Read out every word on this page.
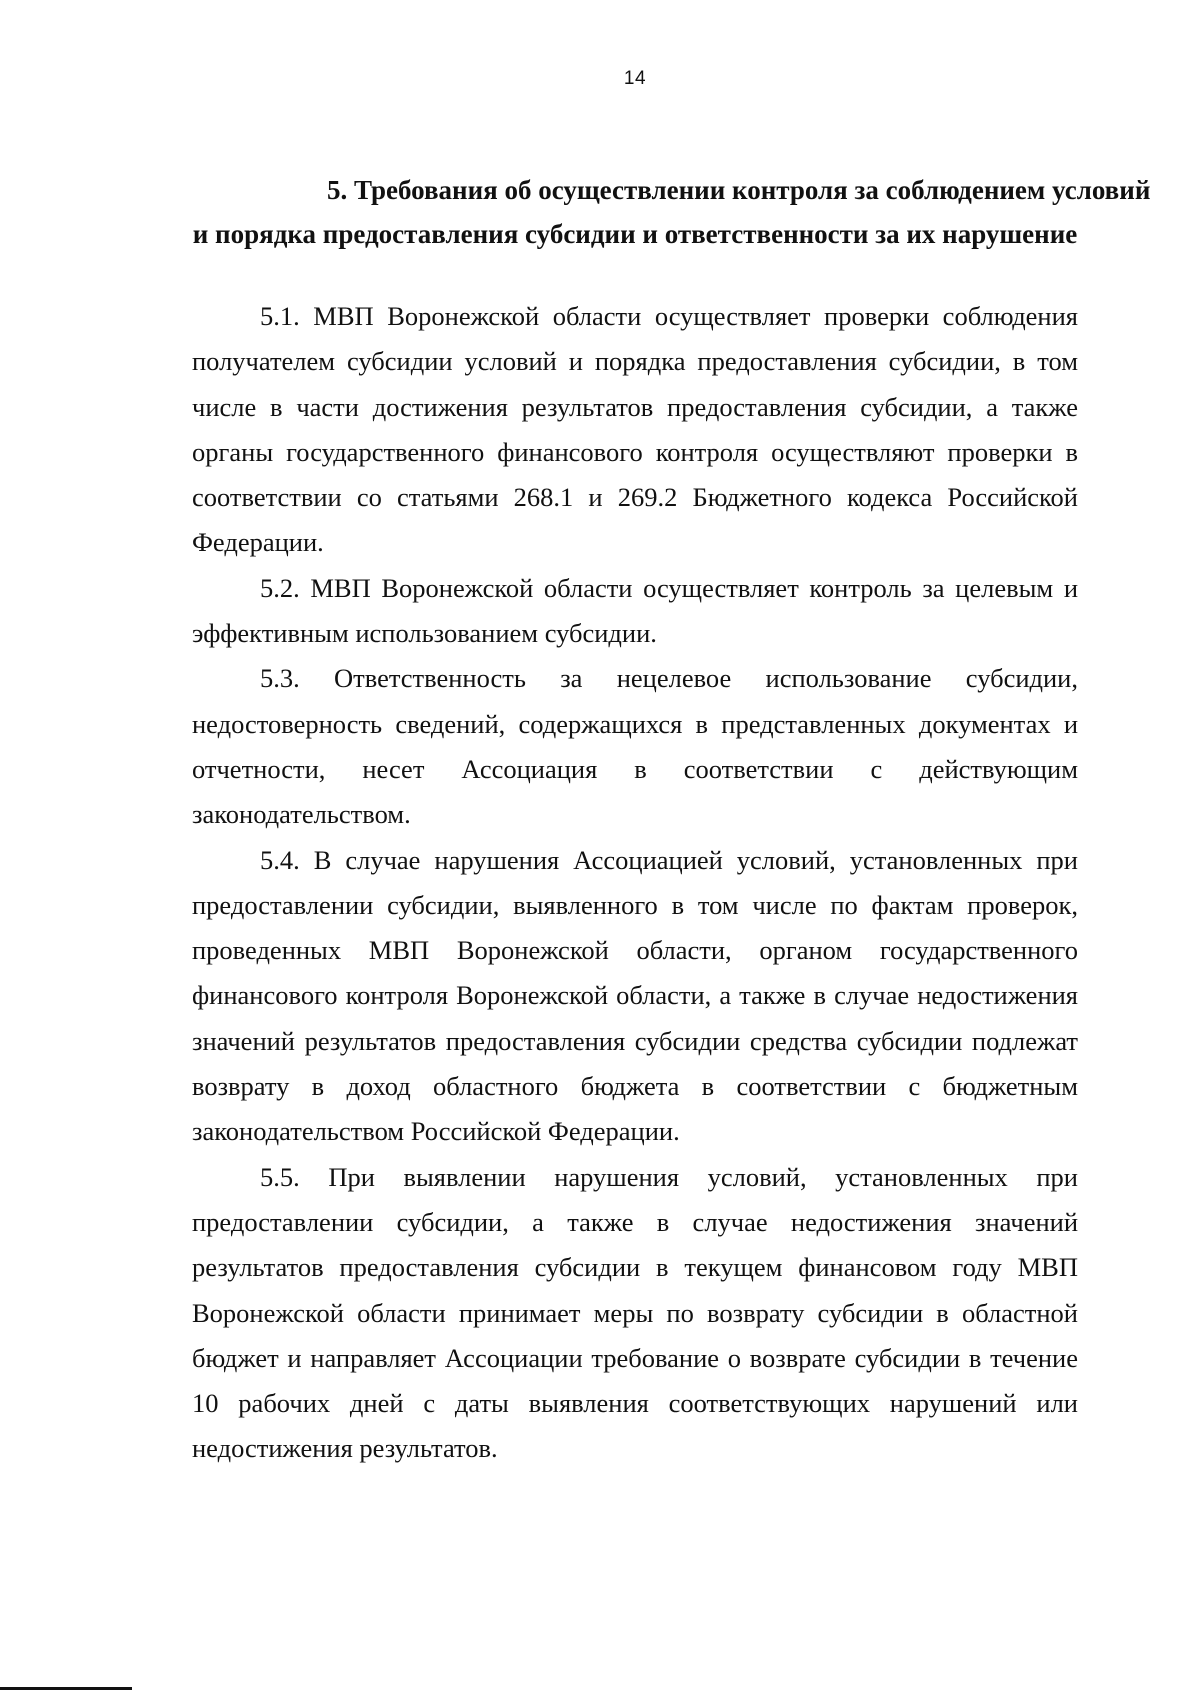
14
5. Требования об осуществлении контроля за соблюдением условий
и порядка предоставления субсидии и ответственности за их нарушение

5.1. МВП Воронежской области осуществляет проверки соблюдения
получателем субсидии условий и порядка предоставления субсидии, в том
числе в части достижения результатов предоставления субсидии, а также
органы государственного финансового контроля осуществляют проверки в
соответствии со статьями 268.1 и 269.2 Бюджетного кодекса Российской
Федерации.

5.2. МВП Воронежской области осуществляет контроль за целевым и
эффективным использованием субсидии.

5.3. Ответственность за нецелевое использование субсидии,
недостоверность сведений, содержащихся в представленных документах и
отчетности, несет Ассоциация в соответствии с действующим
законодательством.

5.4. В случае нарушения Ассоциацией условий, установленных при
предоставлении субсидии, выявленного в том числе по фактам проверок,
проведенных МВП Воронежской области, органом государственного
финансового контроля Воронежской области, а также в случае недостижения
значений результатов предоставления субсидии средства субсидии подлежат
возврату в доход областного бюджета в соответствии с бюджетным
законодательством Российской Федерации.

5.5. При выявлении нарушения условий, установленных при
предоставлении субсидии, а также в случае недостижения значений
результатов предоставления субсидии в текущем финансовом году МВП
Воронежской области принимает меры по возврату субсидии в областной
бюджет и направляет Ассоциации требование о возврате субсидии в течение
10 рабочих дней с даты выявления соответствующих нарушений или
недостижения результатов.
